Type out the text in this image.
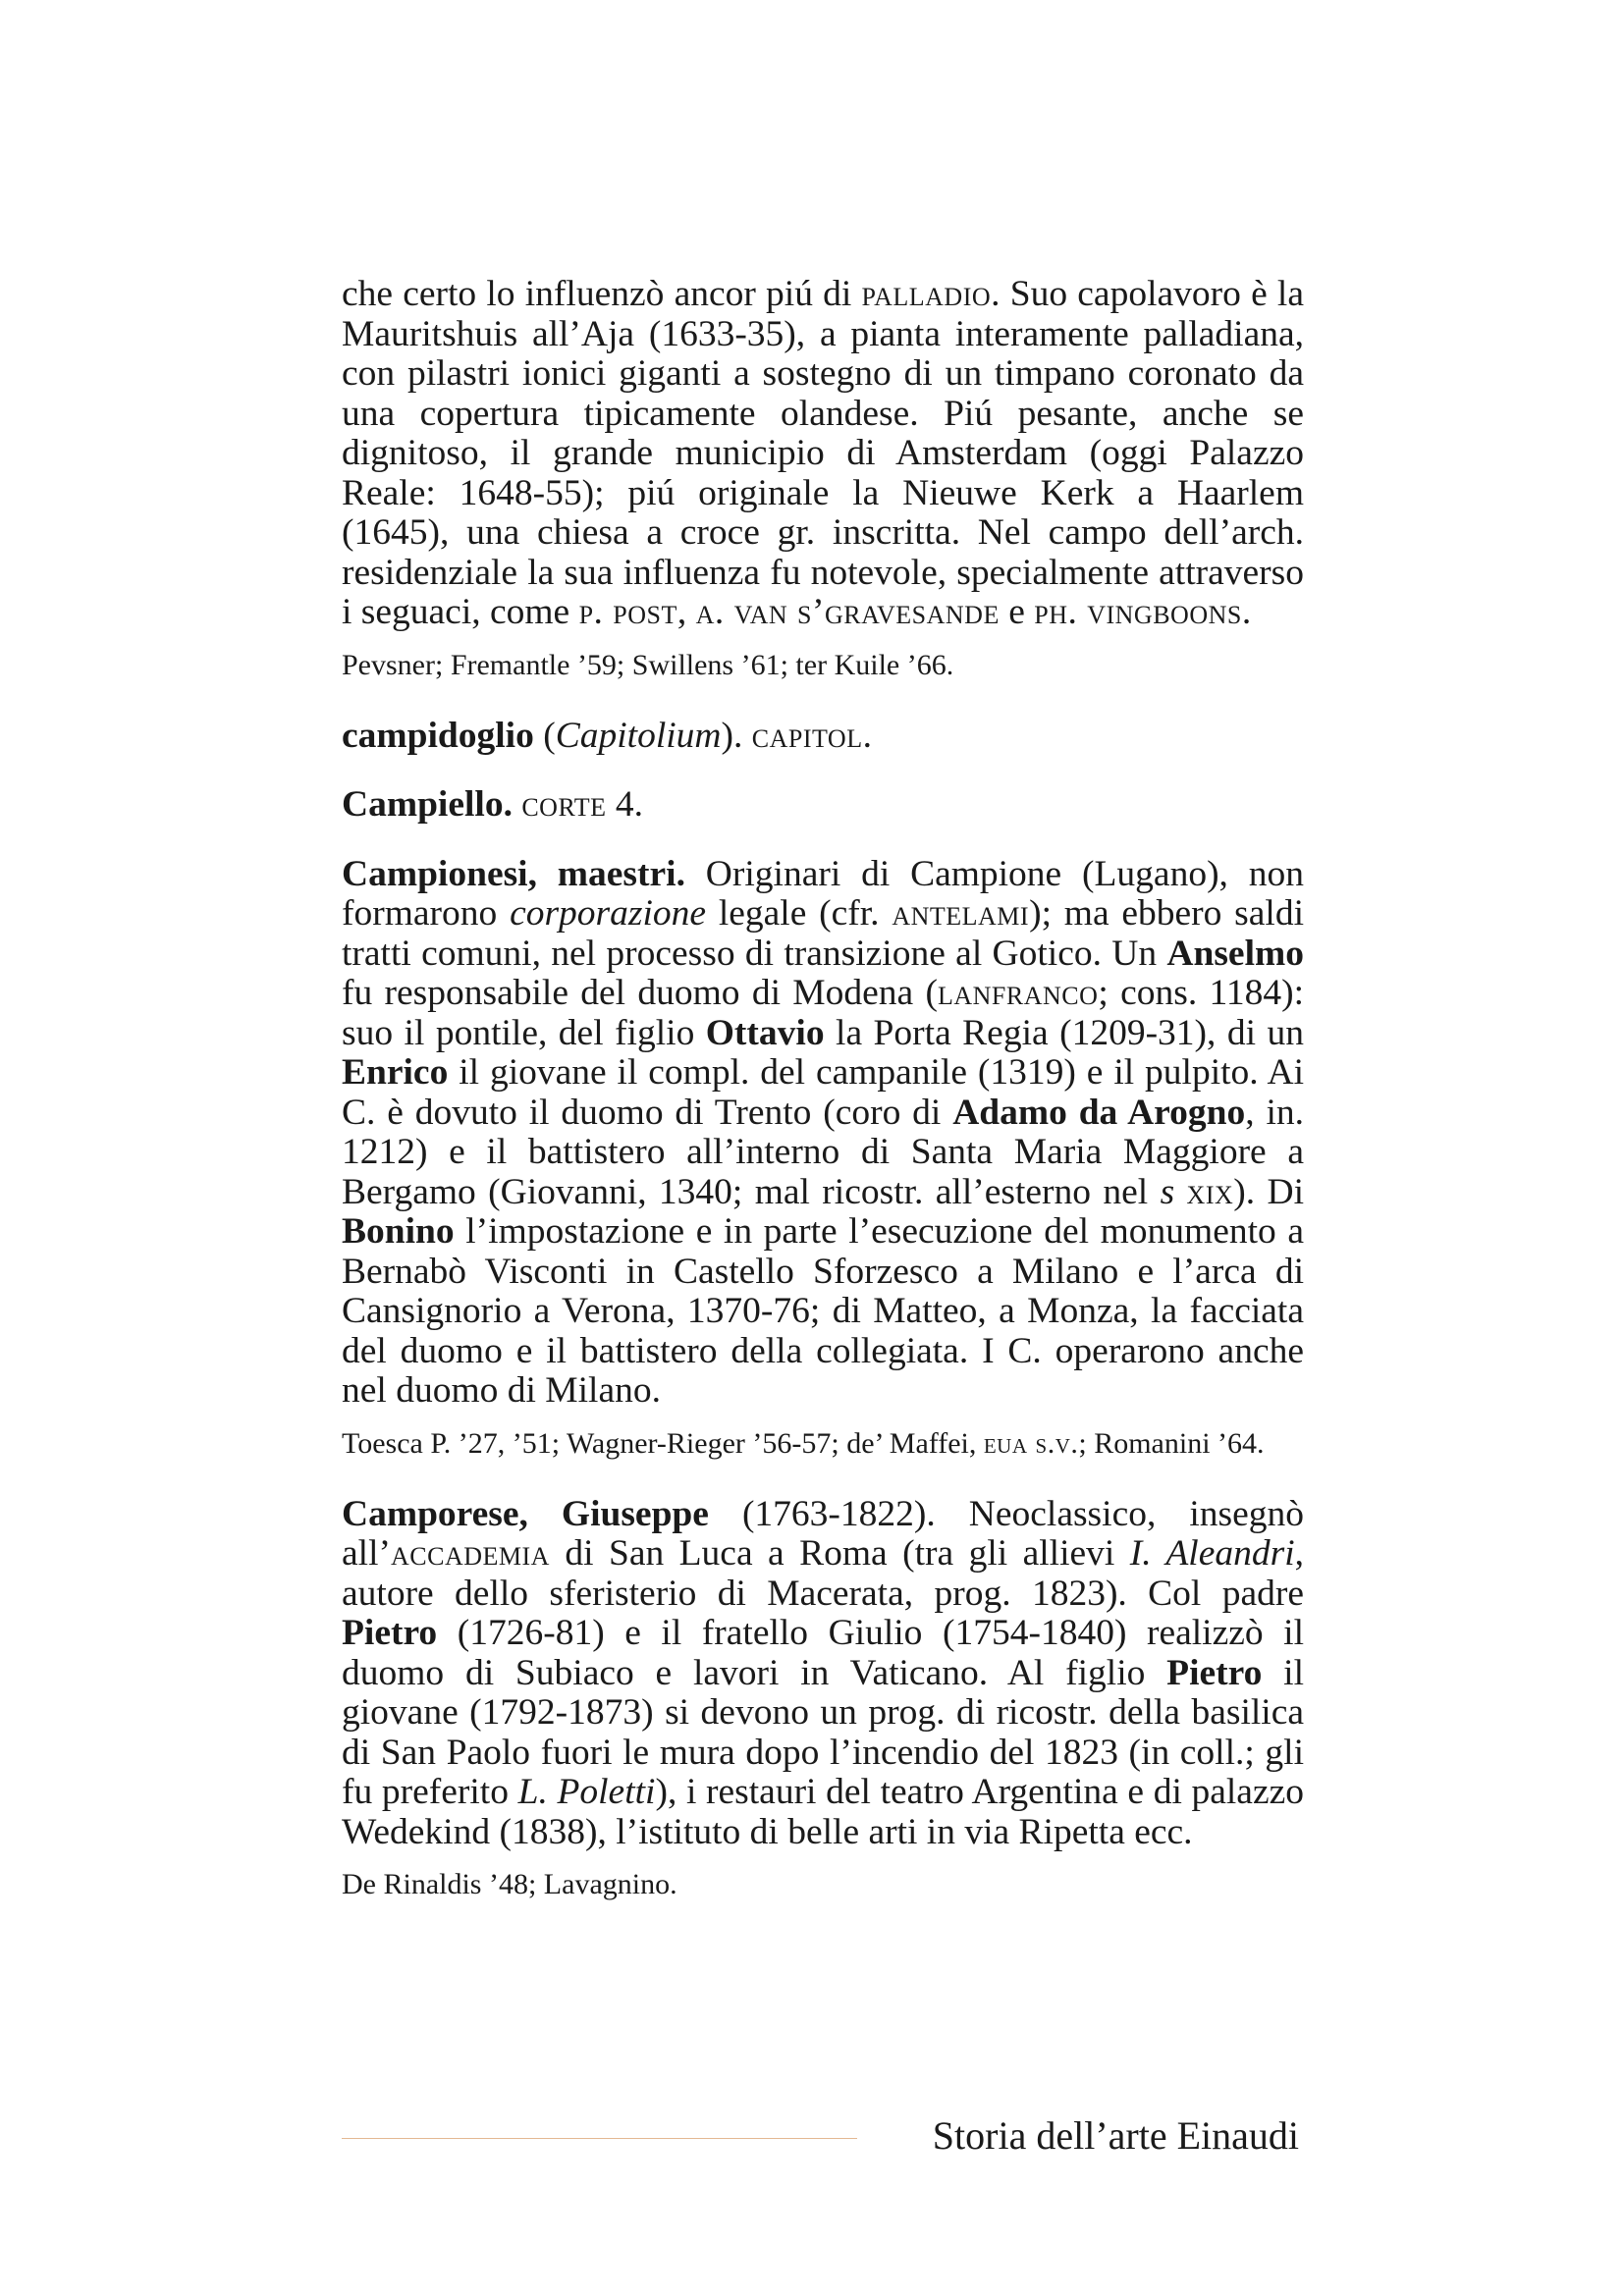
che certo lo influenzò ancor piú di palladio. Suo capolavoro è la Mauritshuis all’Aja (1633-35), a pianta interamente palladiana, con pilastri ionici giganti a sostegno di un timpano coronato da una copertura tipicamente olandese. Piú pesante, anche se dignitoso, il grande municipio di Amsterdam (oggi Palazzo Reale: 1648-55); piú originale la Nieuwe Kerk a Haarlem (1645), una chiesa a croce gr. inscritta. Nel campo dell’arch. residenziale la sua influenza fu notevole, specialmente attraverso i seguaci, come p. post, a. van s’gravesande e ph. vingboons.

Pevsner; Fremantle ’59; Swillens ’61; ter Kuile ’66.

campidoglio (Capitolium). capitol.

Campiello. corte 4.

Campionesi, maestri. Originari di Campione (Lugano), non formarono corporazione legale (cfr. antelami); ma ebbero saldi tratti comuni, nel processo di transizione al Gotico. Un Anselmo fu responsabile del duomo di Modena (lanfranco; cons. 1184): suo il pontile, del figlio Ottavio la Porta Regia (1209-31), di un Enrico il giovane il compl. del campanile (1319) e il pulpito. Ai C. è dovuto il duomo di Trento (coro di Adamo da Arogno, in. 1212) e il battistero all’interno di Santa Maria Maggiore a Bergamo (Giovanni, 1340; mal ricostr. all’esterno nel s xix). Di Bonino l’impostazione e in parte l’esecuzione del monumento a Bernabò Visconti in Castello Sforzesco a Milano e l’arca di Cansignorio a Verona, 1370-76; di Matteo, a Monza, la facciata del duomo e il battistero della collegiata. I C. operarono anche nel duomo di Milano.

Toesca P. ’27, ’51; Wagner-Rieger ’56-57; de’ Maffei, eua s.v.; Romanini ’64.

Camporese, Giuseppe (1763-1822). Neoclassico, insegnò all’accademia di San Luca a Roma (tra gli allievi I. Aleandri, autore dello sferisterio di Macerata, prog. 1823). Col padre Pietro (1726-81) e il fratello Giulio (1754-1840) realizzò il duomo di Subiaco e lavori in Vaticano. Al figlio Pietro il giovane (1792-1873) si devono un prog. di ricostr. della basilica di San Paolo fuori le mura dopo l’incendio del 1823 (in coll.; gli fu preferito L. Poletti), i restauri del teatro Argentina e di palazzo Wedekind (1838), l’istituto di belle arti in via Ripetta ecc.

De Rinaldis ’48; Lavagnino.

Storia dell’arte Einaudi
